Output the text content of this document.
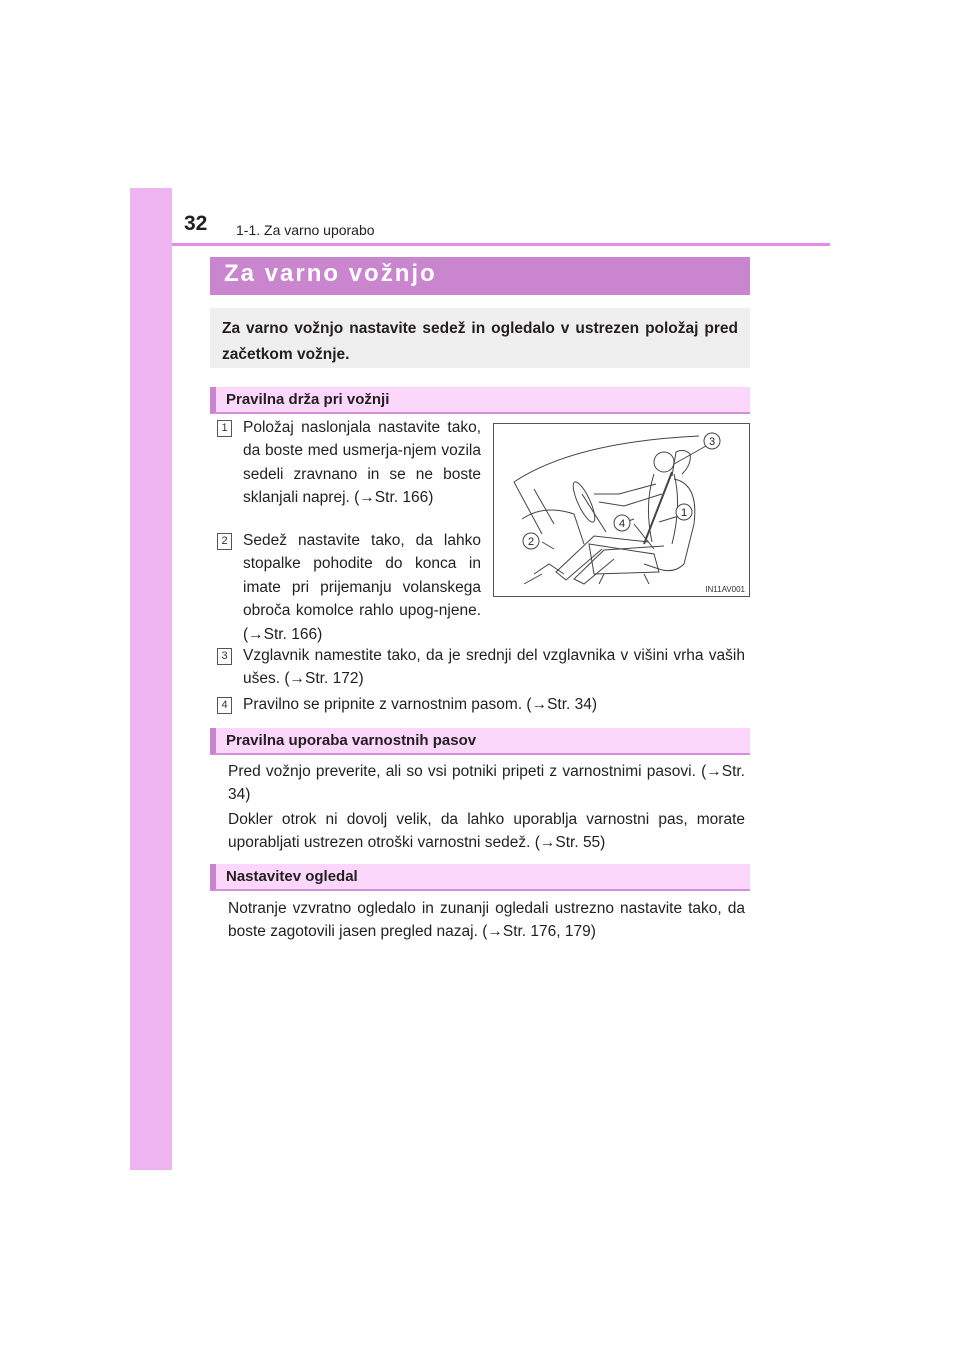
32 1-1. Za varno uporabo
Za varno vožnjo

Za varno vožnjo nastavite sedež in ogledalo v ustrezen položaj pred začetkom vožnje.

Pravilna drža pri vožnji
1 Položaj naslonjala nastavite tako, da boste med usmerja-njem vozila sedeli zravnano in se ne boste sklanjali naprej. (→Str. 166)

2 Sedež nastavite tako, da lahko stopalke pohodite do konca in imate pri prijemanju volanskega obroča komolce rahlo upog-njene. (→Str. 166)

3
1
4
2
IN11AV001
3 Vzglavnik namestite tako, da je srednji del vzglavnika v višini vrha vaših ušes. (→Str. 172)

4 Pravilno se pripnite z varnostnim pasom. (→Str. 34)

Pravilna uporaba varnostnih pasov

Pred vožnjo preverite, ali so vsi potniki pripeti z varnostnimi pasovi. (→Str. 34)

Dokler otrok ni dovolj velik, da lahko uporablja varnostni pas, morate uporabljati ustrezen otroški varnostni sedež. (→Str. 55)

Nastavitev ogledal

Notranje vzvratno ogledalo in zunanji ogledali ustrezno nastavite tako, da boste zagotovili jasen pregled nazaj. (→Str. 176, 179)
